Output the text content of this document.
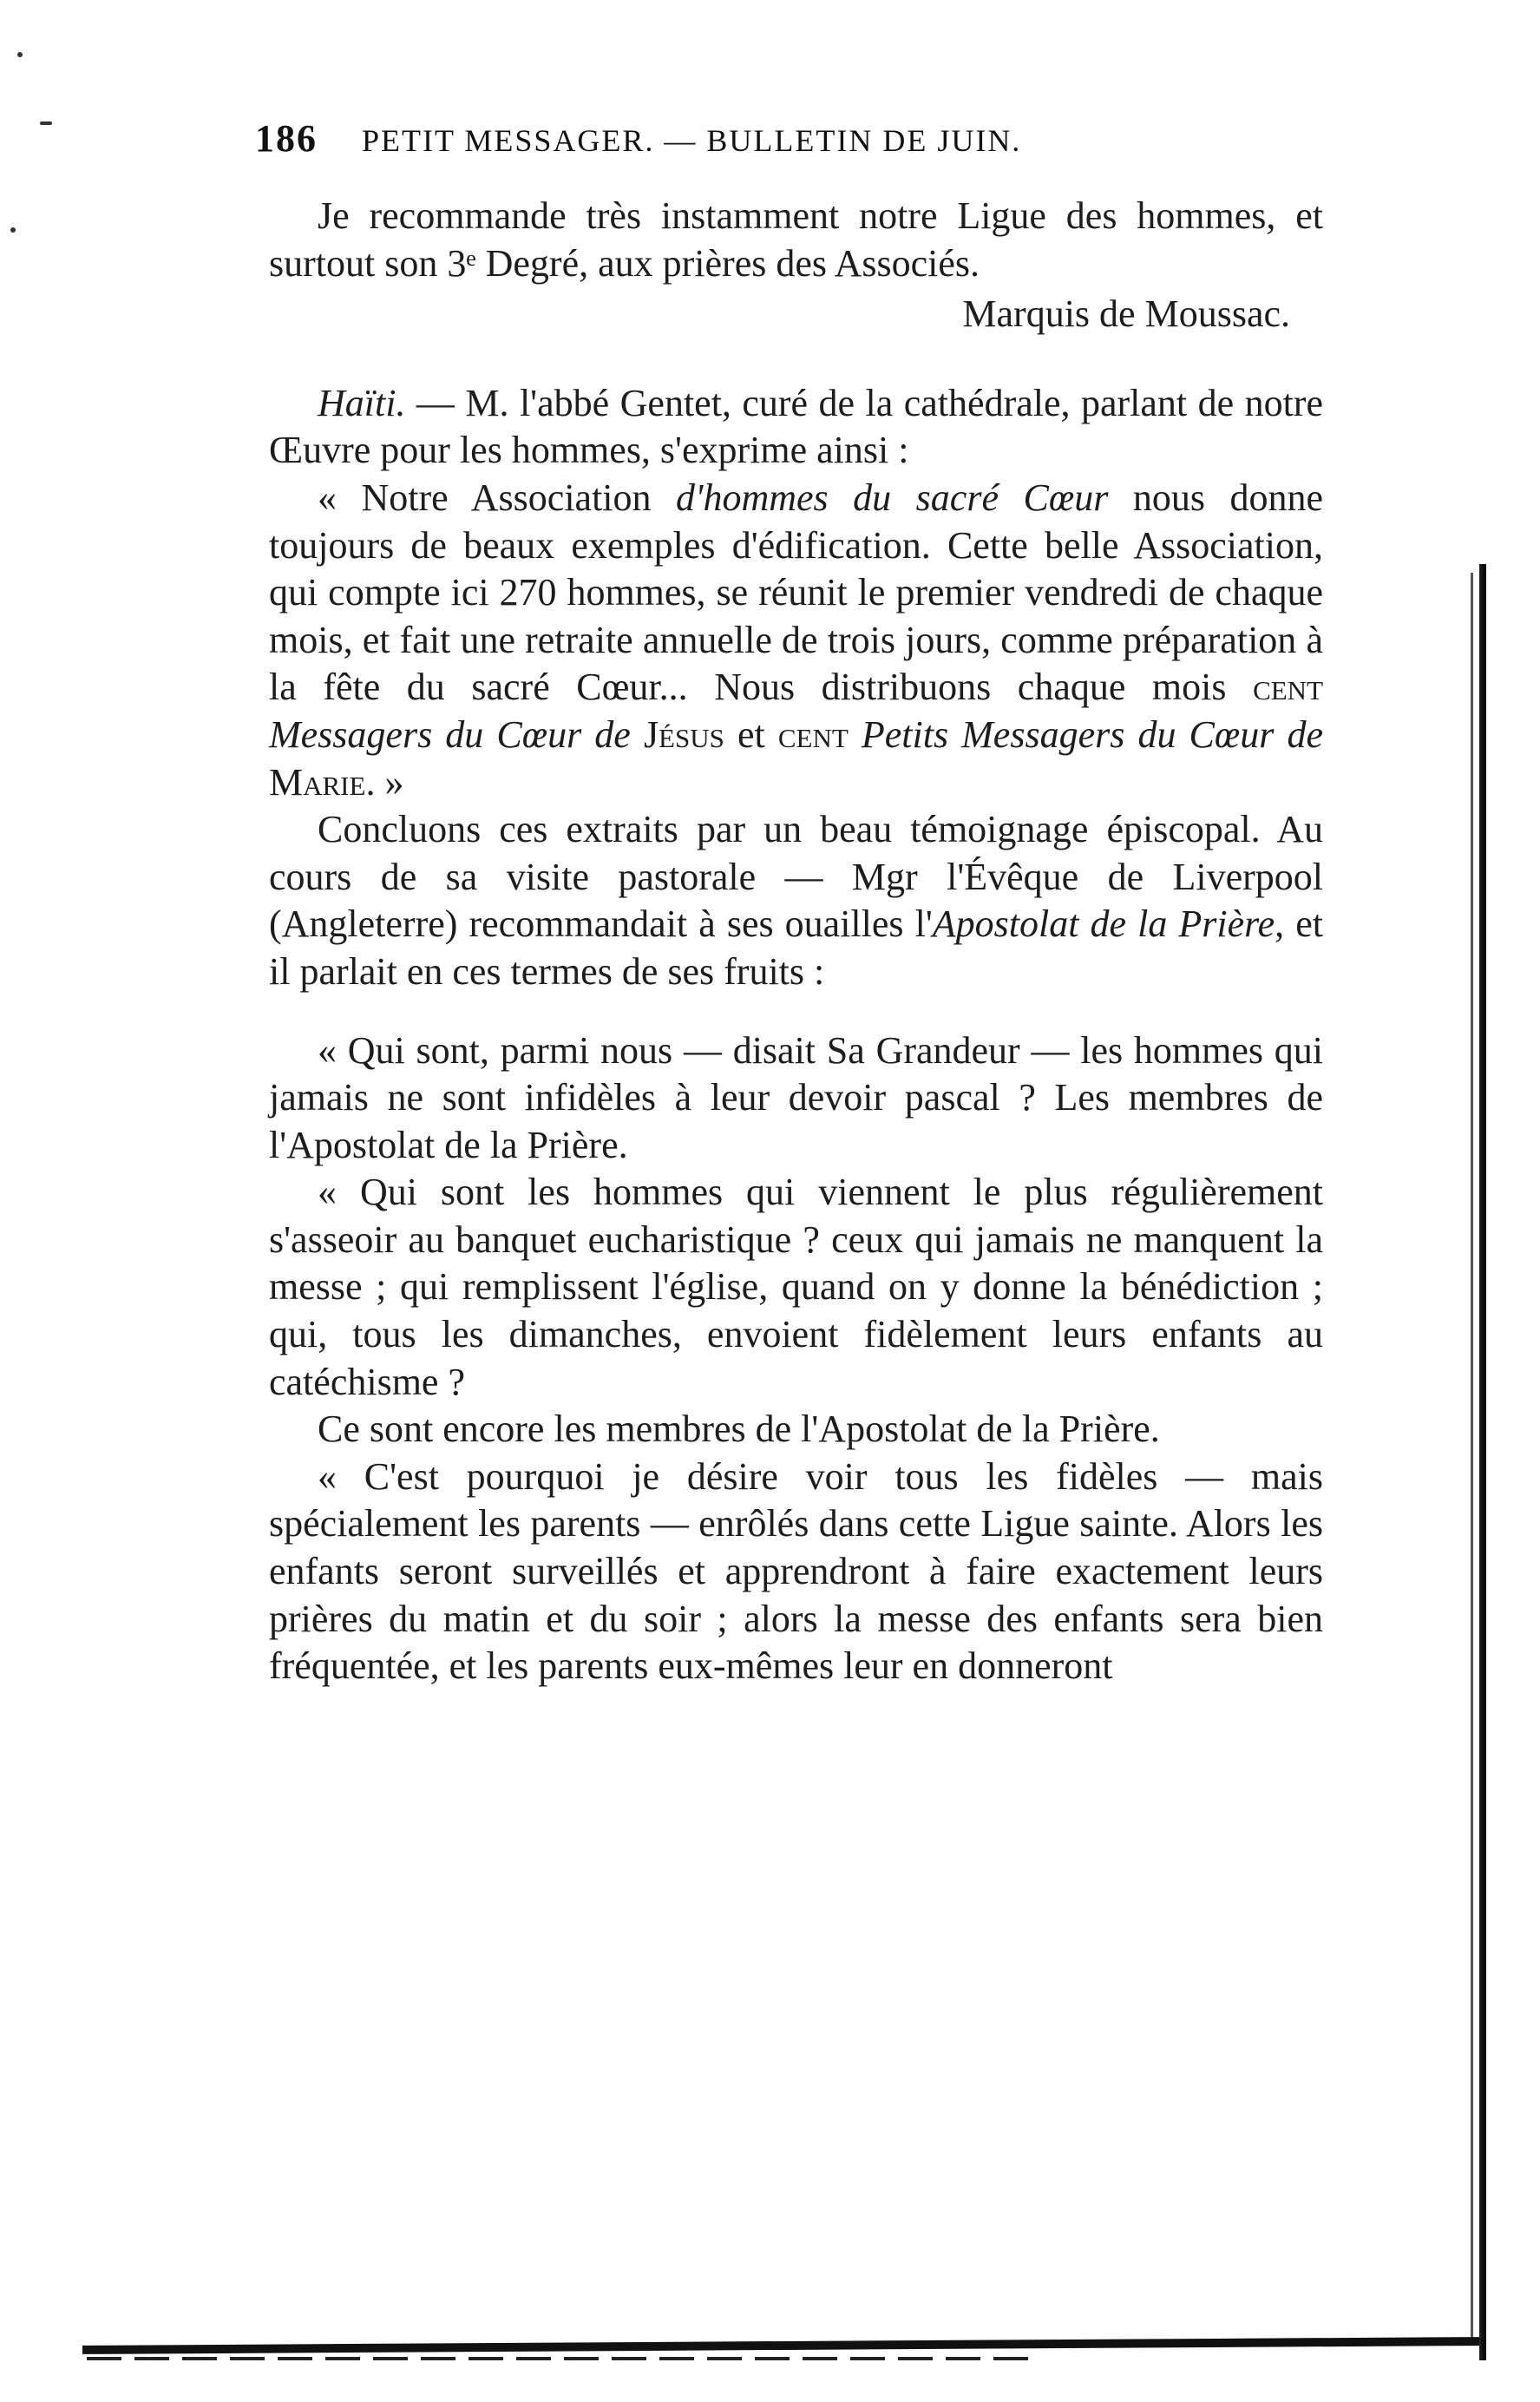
186 PETIT MESSAGER. — BULLETIN DE JUIN.

Je recommande très instamment notre Ligue des hommes, et surtout son 3ᵉ Degré, aux prières des Associés.

Marquis de Moussac.

Haïti. — M. l'abbé Gentet, curé de la cathédrale, parlant de notre Œuvre pour les hommes, s'exprime ainsi :

« Notre Association d'hommes du sacré Cœur nous donne toujours de beaux exemples d'édification. Cette belle Association, qui compte ici 270 hommes, se réunit le premier vendredi de chaque mois, et fait une retraite annuelle de trois jours, comme préparation à la fête du sacré Cœur... Nous distribuons chaque mois cent Messagers du Cœur de Jésus et cent Petits Messagers du Cœur de Marie. »

Concluons ces extraits par un beau témoignage épiscopal. Au cours de sa visite pastorale — Mgr l'Évêque de Liverpool (Angleterre) recommandait à ses ouailles l'Apostolat de la Prière, et il parlait en ces termes de ses fruits :

« Qui sont, parmi nous — disait Sa Grandeur — les hommes qui jamais ne sont infidèles à leur devoir pascal ? Les membres de l'Apostolat de la Prière.

« Qui sont les hommes qui viennent le plus régulièrement s'asseoir au banquet eucharistique ? ceux qui jamais ne manquent la messe ; qui remplissent l'église, quand on y donne la bénédiction ; qui, tous les dimanches, envoient fidèlement leurs enfants au catéchisme ?

Ce sont encore les membres de l'Apostolat de la Prière.

« C'est pourquoi je désire voir tous les fidèles — mais spécialement les parents — enrôlés dans cette Ligue sainte. Alors les enfants seront surveillés et apprendront à faire exactement leurs prières du matin et du soir ; alors la messe des enfants sera bien fréquentée, et les parents eux-mêmes leur en donneront
